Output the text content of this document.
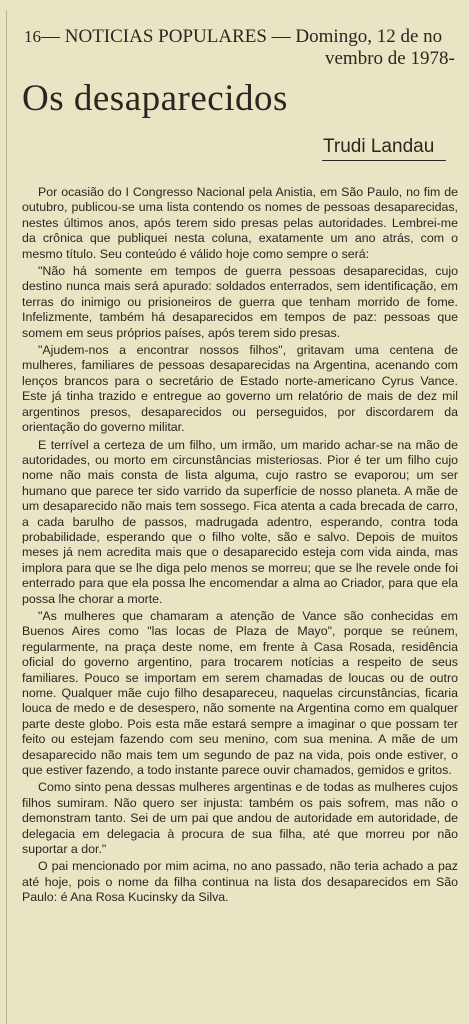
16— NOTICIAS POPULARES — Domingo, 12 de no
vembro de 1978-
Os desaparecidos
Trudi Landau

Por ocasião do I Congresso Nacional pela Anistia, em São Paulo, no fim de outubro, publicou-se uma lista contendo os nomes de pessoas desaparecidas, nestes últimos anos, após terem sido presas pelas autoridades. Lembrei-me da crônica que publiquei nesta coluna, exatamente um ano atrás, com o mesmo título. Seu conteúdo é válido hoje como sempre o será:

"Não há somente em tempos de guerra pessoas desaparecidas, cujo destino nunca mais será apurado: soldados enterrados, sem identificação, em terras do inimigo ou prisioneiros de guerra que tenham morrido de fome. Infelizmente, também há desaparecidos em tempos de paz: pessoas que somem em seus próprios países, após terem sido presas.

"Ajudem-nos a encontrar nossos filhos", gritavam uma centena de mulheres, familiares de pessoas desaparecidas na Argentina, acenando com lenços brancos para o secretário de Estado norte-americano Cyrus Vance. Este já tinha trazido e entregue ao governo um relatório de mais de dez mil argentinos presos, desaparecidos ou perseguidos, por discordarem da orientação do governo militar.

E terrível a certeza de um filho, um irmão, um marido achar-se na mão de autoridades, ou morto em circunstâncias misteriosas. Pior é ter um filho cujo nome não mais consta de lista alguma, cujo rastro se evaporou; um ser humano que parece ter sido varrido da superfície de nosso planeta. A mãe de um desaparecido não mais tem sossego. Fica atenta a cada brecada de carro, a cada barulho de passos, madrugada adentro, esperando, contra toda probabilidade, esperando que o filho volte, são e salvo. Depois de muitos meses já nem acredita mais que o desaparecido esteja com vida ainda, mas implora para que se lhe diga pelo menos se morreu; que se lhe revele onde foi enterrado para que ela possa lhe encomendar a alma ao Criador, para que ela possa lhe chorar a morte.

"As mulheres que chamaram a atenção de Vance são conhecidas em Buenos Aires como "las locas de Plaza de Mayo", porque se reúnem, regularmente, na praça deste nome, em frente à Casa Rosada, residência oficial do governo argentino, para trocarem notícias a respeito de seus familiares. Pouco se importam em serem chamadas de loucas ou de outro nome. Qualquer mãe cujo filho desapareceu, naquelas circunstâncias, ficaria louca de medo e de desespero, não somente na Argentina como em qualquer parte deste globo. Pois esta mãe estará sempre a imaginar o que possam ter feito ou estejam fazendo com seu menino, com sua menina. A mãe de um desaparecido não mais tem um segundo de paz na vida, pois onde estiver, o que estiver fazendo, a todo instante parece ouvir chamados, gemidos e gritos.

Como sinto pena dessas mulheres argentinas e de todas as mulheres cujos filhos sumiram. Não quero ser injusta: também os pais sofrem, mas não o demonstram tanto. Sei de um pai que andou de autoridade em autoridade, de delegacia em delegacia à procura de sua filha, até que morreu por não suportar a dor."

O pai mencionado por mim acima, no ano passado, não teria achado a paz até hoje, pois o nome da filha continua na lista dos desaparecidos em São Paulo: é Ana Rosa Kucinsky da Silva.
